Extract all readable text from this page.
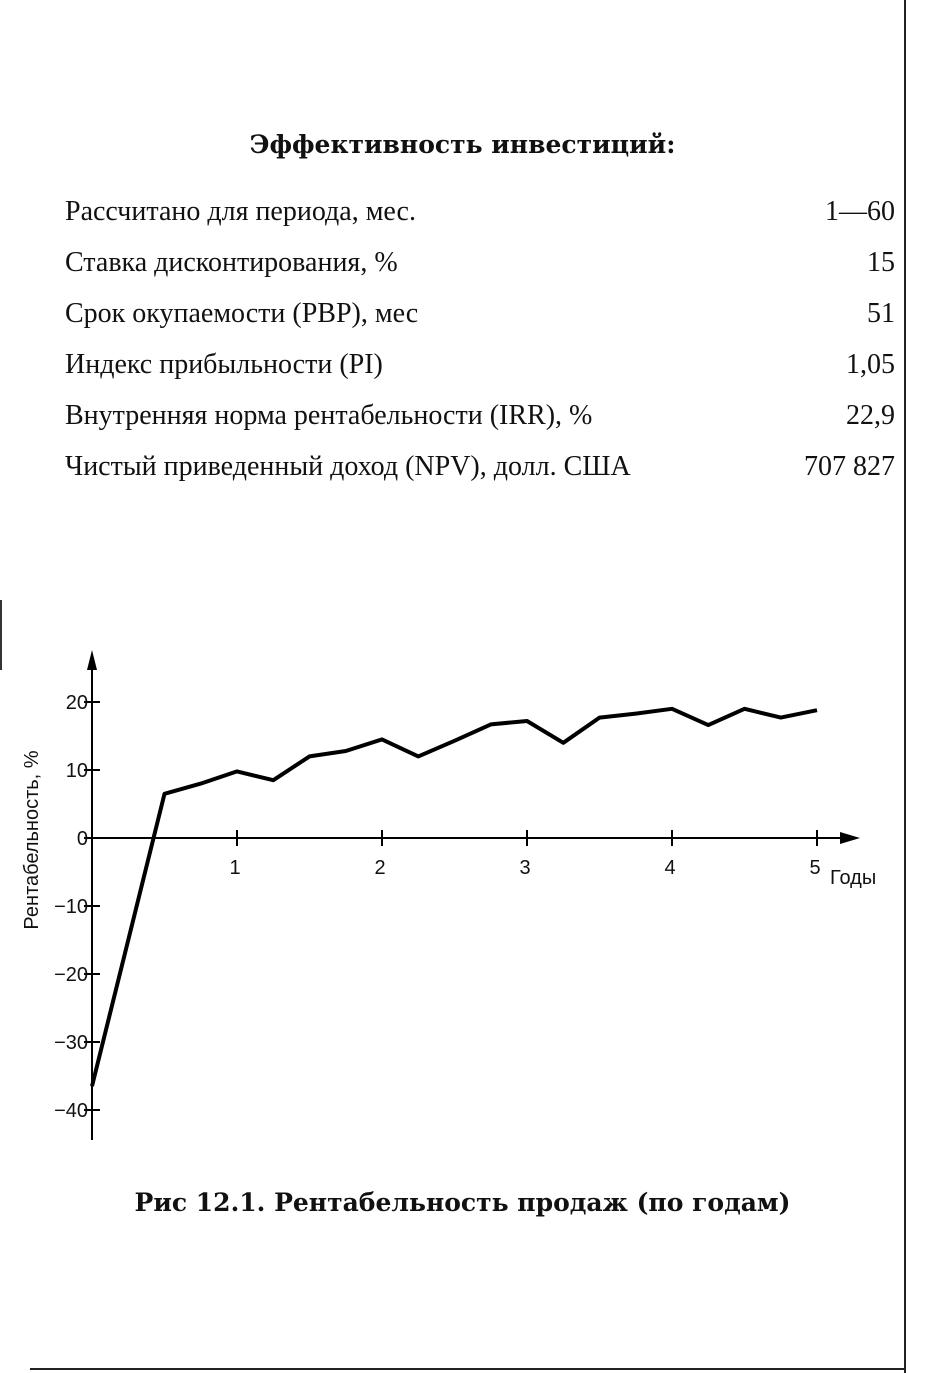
Эффективность инвестиций:
Рассчитано для периода, мес.	1—60
Ставка дисконтирования, %	15
Срок окупаемости (PBP), мес	51
Индекс прибыльности (PI)	1,05
Внутренняя норма рентабельности (IRR), %	22,9
Чистый приведенный доход (NPV), долл. США	707 827
20
10
0
−10
−20
−30
−40
1	2	3	4	5
Рентабельность, %	Годы
Рис 12.1. Рентабельность продаж (по годам)
